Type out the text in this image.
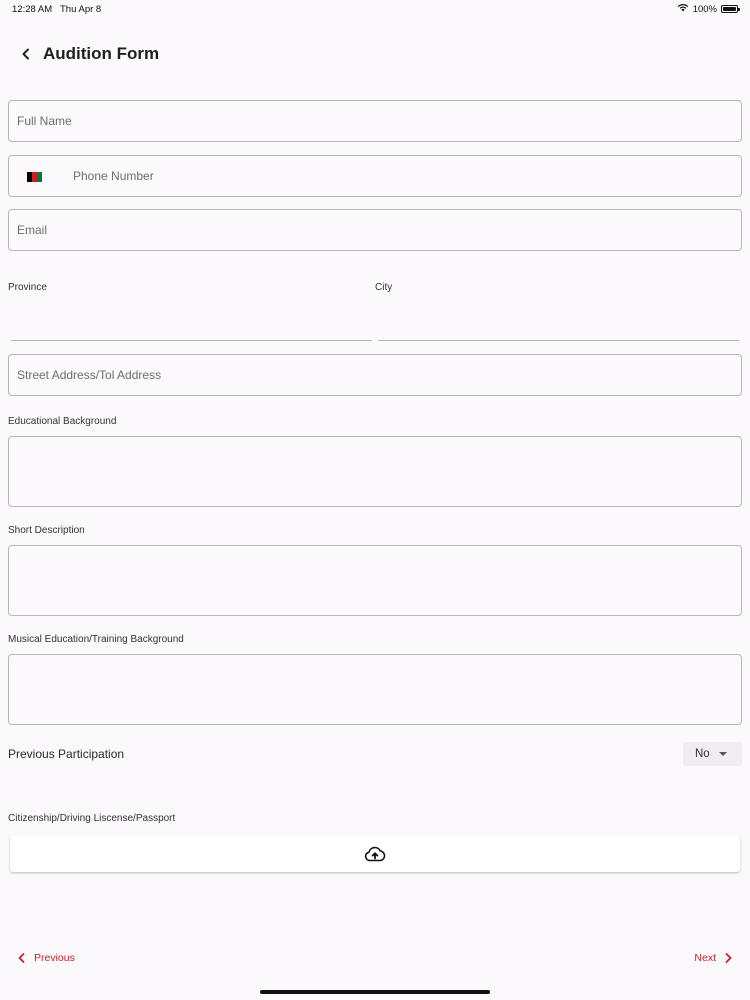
12:28 AM Thu Apr 8	100%
Audition Form
Full Name
Phone Number
Email
Province	City
Street Address/Tol Address
Educational Background
Short Description
Musical Education/Training Background
Previous Participation	No
Citizenship/Driving Liscense/Passport
Previous	Next
